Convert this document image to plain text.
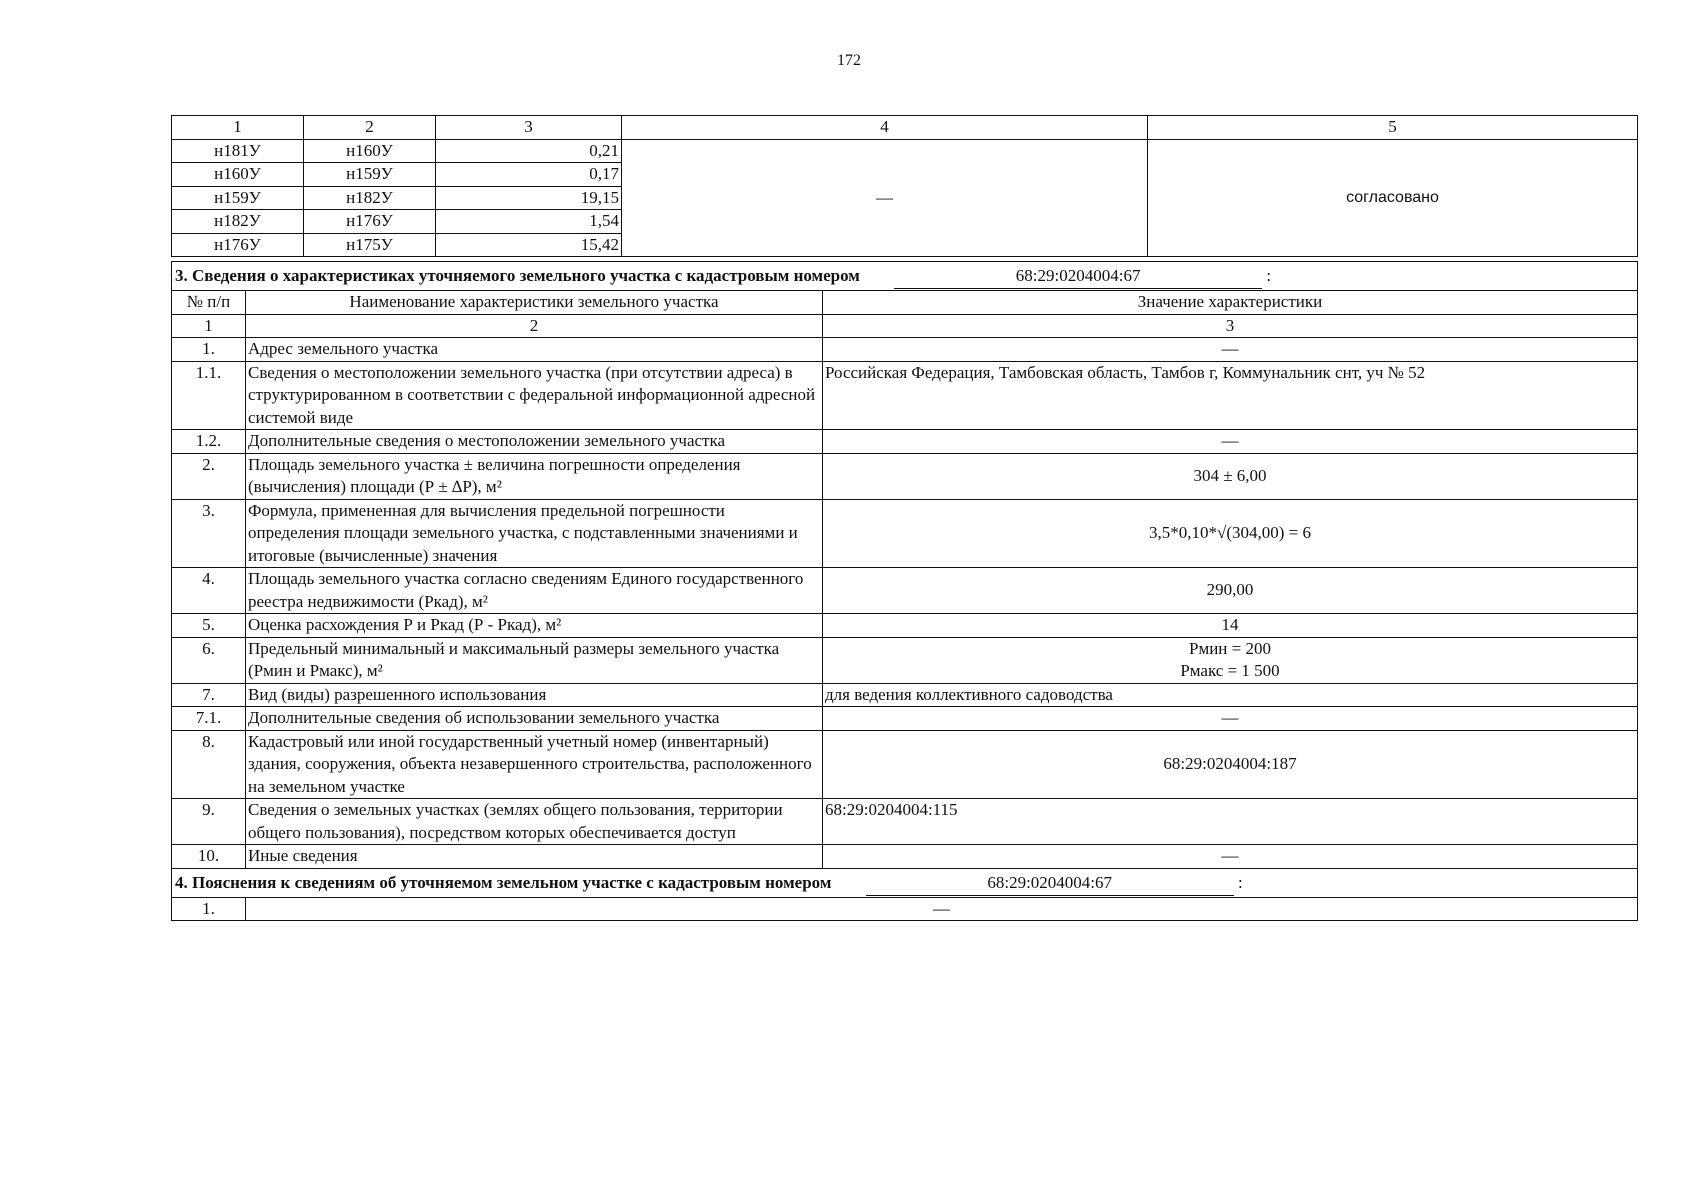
172
1	2	3	4	5
н181У	н160У	0,21	—	согласовано
н160У	н159У	0,17		
н159У	н182У	19,15		
н182У	н176У	1,54		
н176У	н175У	15,42		
3. Сведения о характеристиках уточняемого земельного участка с кадастровым номером 68:29:0204004:67 :		
№ п/п	Наименование характеристики земельного участка	Значение характеристики
1	2	3
1.	Адрес земельного участка	—
1.1.	Сведения о местоположении земельного участка (при отсутствии адреса) в структурированном в соответствии с федеральной информационной адресной системой виде	Российская Федерация, Тамбовская область, Тамбов г, Коммунальник снт, уч № 52
1.2.	Дополнительные сведения о местоположении земельного участка	—
2.	Площадь земельного участка ± величина погрешности определения (вычисления) площади (Р ± ∆Р), м²	304 ± 6,00
3.	Формула, примененная для вычисления предельной погрешности определения площади земельного участка, с подставленными значениями и итоговые (вычисленные) значения	3,5*0,10*√(304,00) = 6
4.	Площадь земельного участка согласно сведениям Единого государственного реестра недвижимости (Ркад), м²	290,00
5.	Оценка расхождения Р и Ркад (Р - Ркад), м²	14
6.	Предельный минимальный и максимальный размеры земельного участка (Рмин и Рмакс), м²	Рмин = 200
Рмакс = 1 500

7.	Вид (виды) разрешенного использования	для ведения коллективного садоводства
7.1.	Дополнительные сведения об использовании земельного участка	—
8.	Кадастровый или иной государственный учетный номер (инвентарный) здания, сооружения, объекта незавершенного строительства, расположенного на земельном участке	68:29:0204004:187
9.	Сведения о земельных участках (землях общего пользования, территории общего пользования), посредством которых обеспечивается доступ	68:29:0204004:115
10.	Иные сведения	—
4. Пояснения к сведениям об уточняемом земельном участке с кадастровым номером 68:29:0204004:67 :		
1.	—	
